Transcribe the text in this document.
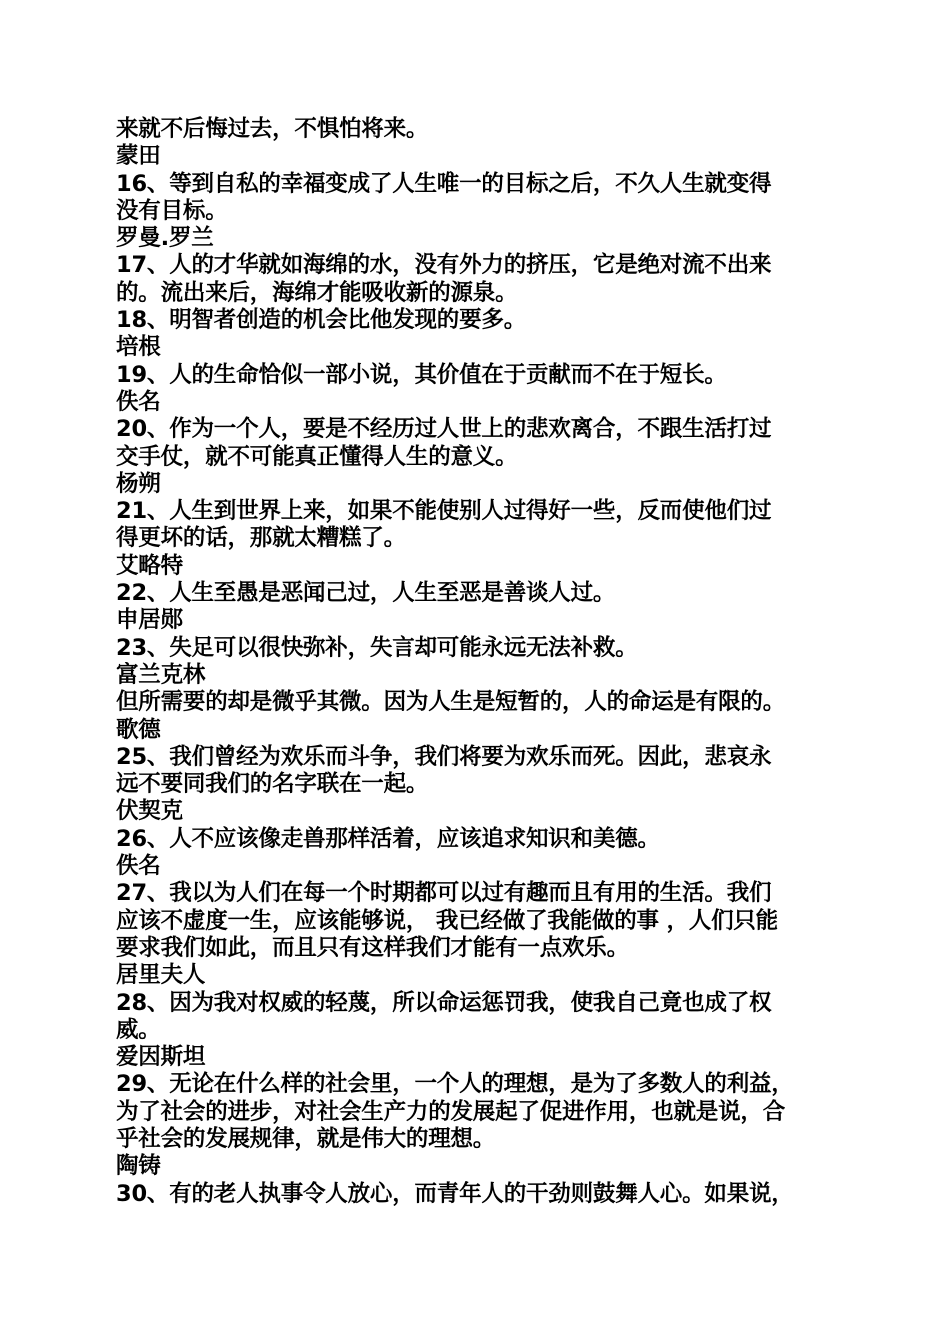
来就不后悔过去，不惧怕将来。
蒙田
16、等到自私的幸福变成了人生唯一的目标之后，不久人生就变得
没有目标。
罗曼.罗兰
17、人的才华就如海绵的水，没有外力的挤压，它是绝对流不出来
的。流出来后，海绵才能吸收新的源泉。
18、明智者创造的机会比他发现的要多。
培根
19、人的生命恰似一部小说，其价值在于贡献而不在于短长。
佚名
20、作为一个人，要是不经历过人世上的悲欢离合，不跟生活打过
交手仗，就不可能真正懂得人生的意义。
杨朔
21、人生到世界上来，如果不能使别人过得好一些，反而使他们过
得更坏的话，那就太糟糕了。
艾略特
22、人生至愚是恶闻己过，人生至恶是善谈人过。
申居郧
23、失足可以很快弥补，失言却可能永远无法补救。
富兰克林
但所需要的却是微乎其微。因为人生是短暂的，人的命运是有限的。
歌德
25、我们曾经为欢乐而斗争，我们将要为欢乐而死。因此，悲哀永
远不要同我们的名字联在一起。
伏契克
26、人不应该像走兽那样活着，应该追求知识和美德。
佚名
27、我以为人们在每一个时期都可以过有趣而且有用的生活。我们
应该不虚度一生，应该能够说， 我已经做了我能做的事 ，人们只能
要求我们如此，而且只有这样我们才能有一点欢乐。
居里夫人
28、因为我对权威的轻蔑，所以命运惩罚我，使我自己竟也成了权
威。
爱因斯坦
29、无论在什么样的社会里，一个人的理想，是为了多数人的利益，
为了社会的进步，对社会生产力的发展起了促进作用，也就是说，合
乎社会的发展规律，就是伟大的理想。
陶铸
30、有的老人执事令人放心，而青年人的干劲则鼓舞人心。如果说，
